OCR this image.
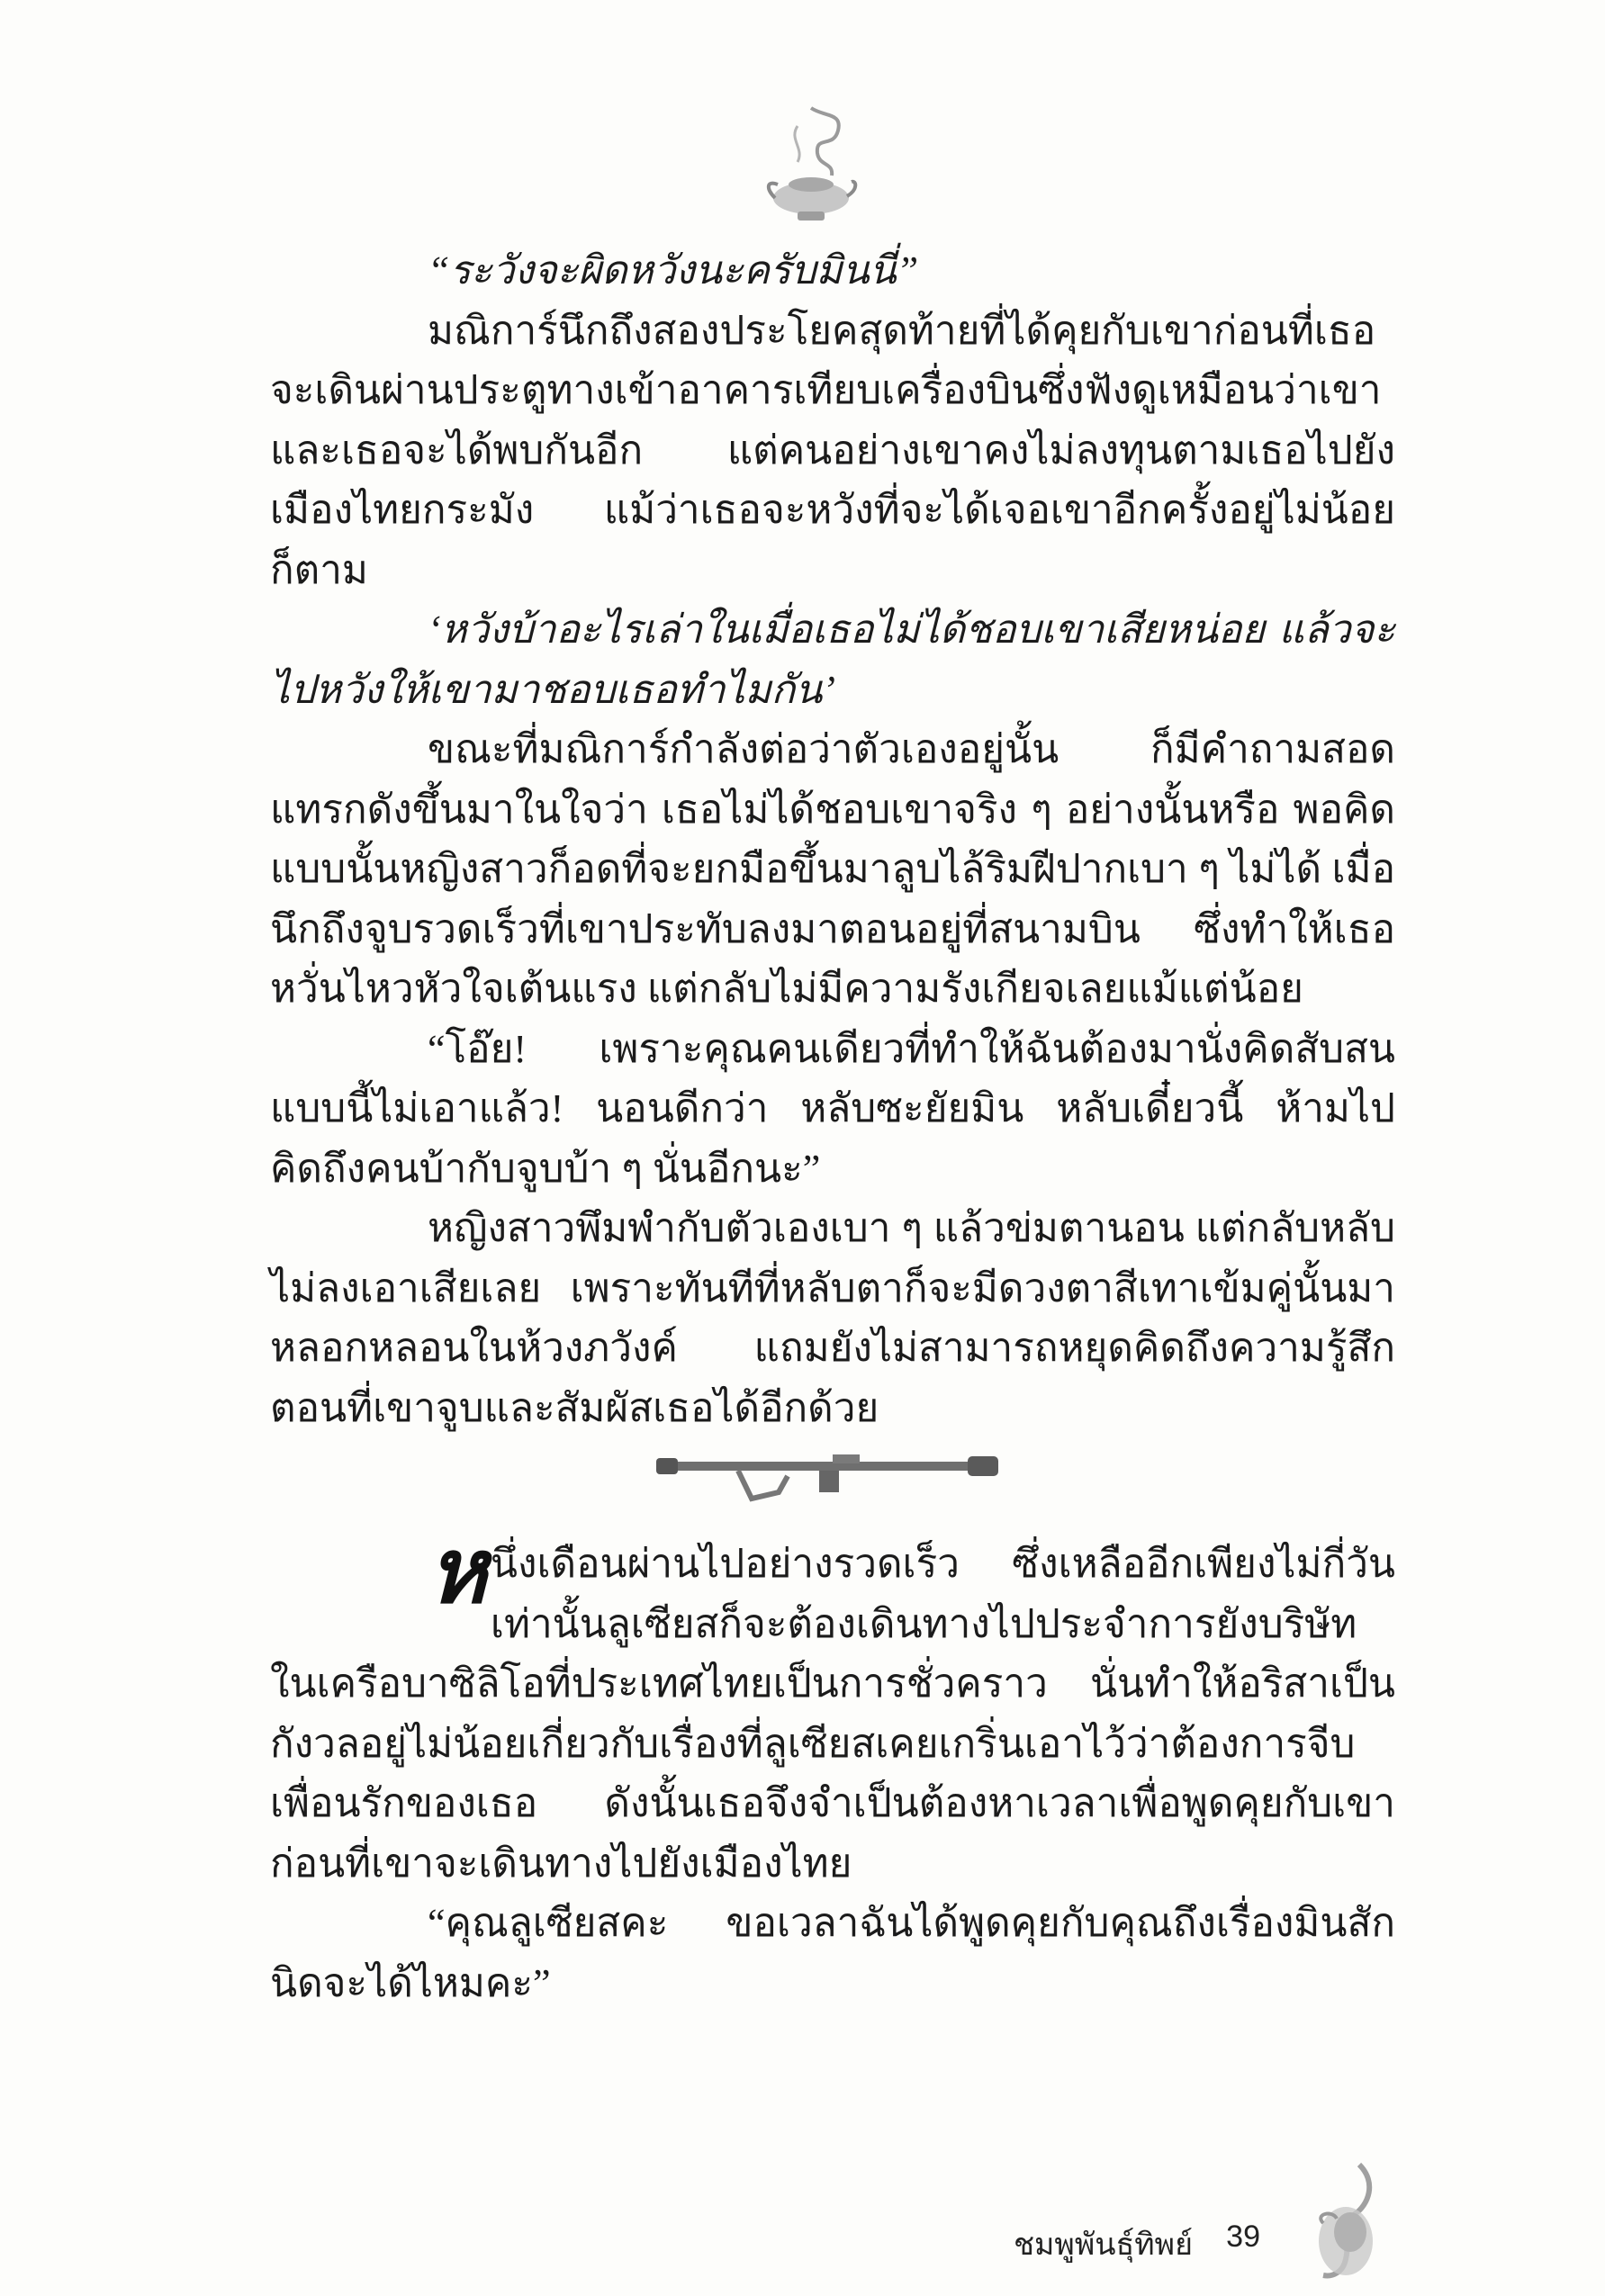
“ระวังจะผิดหวังนะครับมินนี่”

มณิการ์นึกถึงสองประโยคสุดท้ายที่ได้คุยกับเขาก่อนที่เธอจะเดินผ่านประตูทางเข้าอาคารเทียบเครื่องบินซึ่งฟังดูเหมือนว่าเขาและเธอจะได้พบกันอีก แต่คนอย่างเขาคงไม่ลงทุนตามเธอไปยังเมืองไทยกระมัง แม้ว่าเธอจะหวังที่จะได้เจอเขาอีกครั้งอยู่ไม่น้อยก็ตาม

‘หวังบ้าอะไรเล่าในเมื่อเธอไม่ได้ชอบเขาเสียหน่อย แล้วจะไปหวังให้เขามาชอบเธอทำไมกัน’

ขณะที่มณิการ์กำลังต่อว่าตัวเองอยู่นั้น ก็มีคำถามสอดแทรกดังขึ้นมาในใจว่า เธอไม่ได้ชอบเขาจริง ๆ อย่างนั้นหรือ พอคิดแบบนั้นหญิงสาวก็อดที่จะยกมือขึ้นมาลูบไล้ริมฝีปากเบา ๆ ไม่ได้ เมื่อนึกถึงจูบรวดเร็วที่เขาประทับลงมาตอนอยู่ที่สนามบิน ซึ่งทำให้เธอหวั่นไหวหัวใจเต้นแรง แต่กลับไม่มีความรังเกียจเลยแม้แต่น้อย

“โอ๊ย! เพราะคุณคนเดียวที่ทำให้ฉันต้องมานั่งคิดสับสนแบบนี้ไม่เอาแล้ว! นอนดีกว่า หลับซะยัยมิน หลับเดี๋ยวนี้ ห้ามไปคิดถึงคนบ้ากับจูบบ้า ๆ นั่นอีกนะ”

หญิงสาวพึมพำกับตัวเองเบา ๆ แล้วข่มตานอน แต่กลับหลับไม่ลงเอาเสียเลย เพราะทันทีที่หลับตาก็จะมีดวงตาสีเทาเข้มคู่นั้นมาหลอกหลอนในห้วงภวังค์ แถมยังไม่สามารถหยุดคิดถึงความรู้สึกตอนที่เขาจูบและสัมผัสเธอได้อีกด้วย

หนึ่งเดือนผ่านไปอย่างรวดเร็ว ซึ่งเหลืออีกเพียงไม่กี่วันเท่านั้นลูเซียสก็จะต้องเดินทางไปประจำการยังบริษัทในเครือบาซิลิโอที่ประเทศไทยเป็นการชั่วคราว นั่นทำให้อริสาเป็นกังวลอยู่ไม่น้อยเกี่ยวกับเรื่องที่ลูเซียสเคยเกริ่นเอาไว้ว่าต้องการจีบเพื่อนรักของเธอ ดังนั้นเธอจึงจำเป็นต้องหาเวลาเพื่อพูดคุยกับเขาก่อนที่เขาจะเดินทางไปยังเมืองไทย

“คุณลูเซียสคะ ขอเวลาฉันได้พูดคุยกับคุณถึงเรื่องมินสักนิดจะได้ไหมคะ”

ชมพูพันธุ์ทิพย์ 39
